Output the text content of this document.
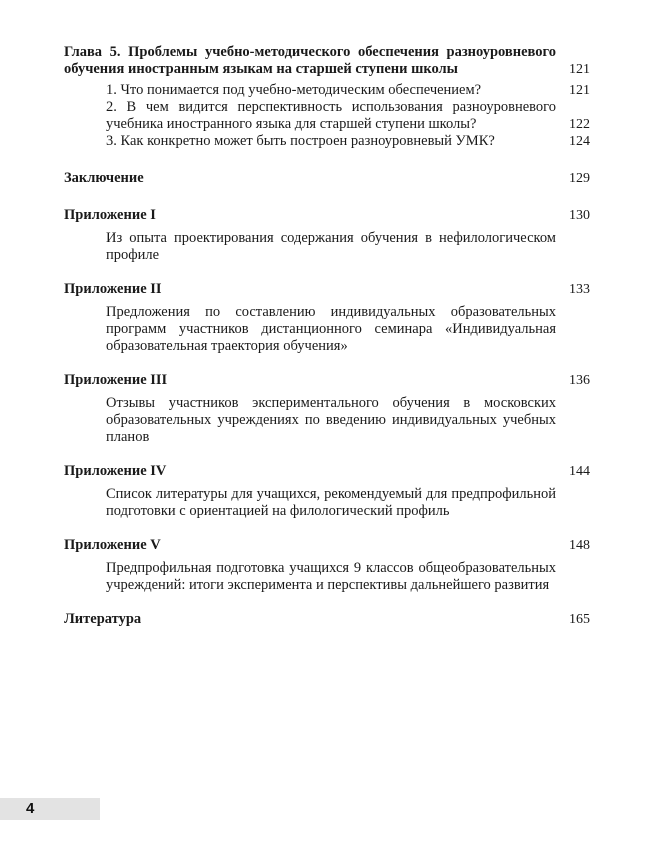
Глава 5. Проблемы учебно-методического обеспечения разноуровневого обучения иностранным языкам на старшей ступени школы	121
1. Что понимается под учебно-методическим обеспечением?	121
2. В чем видится перспективность использования разноуровневого учебника иностранного языка для старшей ступени школы?	122
3. Как конкретно может быть построен разноуровневый УМК?	124
Заключение	129
Приложение I	130
Из опыта проектирования содержания обучения в нефилологическом профиле
Приложение II	133
Предложения по составлению индивидуальных образовательных программ участников дистанционного семинара «Индивидуальная образовательная траектория обучения»
Приложение III	136
Отзывы участников экспериментального обучения в московских образовательных учреждениях по введению индивидуальных учебных планов
Приложение IV	144
Список литературы для учащихся, рекомендуемый для предпрофильной подготовки с ориентацией на филологический профиль
Приложение V	148
Предпрофильная подготовка учащихся 9 классов общеобразовательных учреждений: итоги эксперимента и перспективы дальнейшего развития
Литература	165
4
